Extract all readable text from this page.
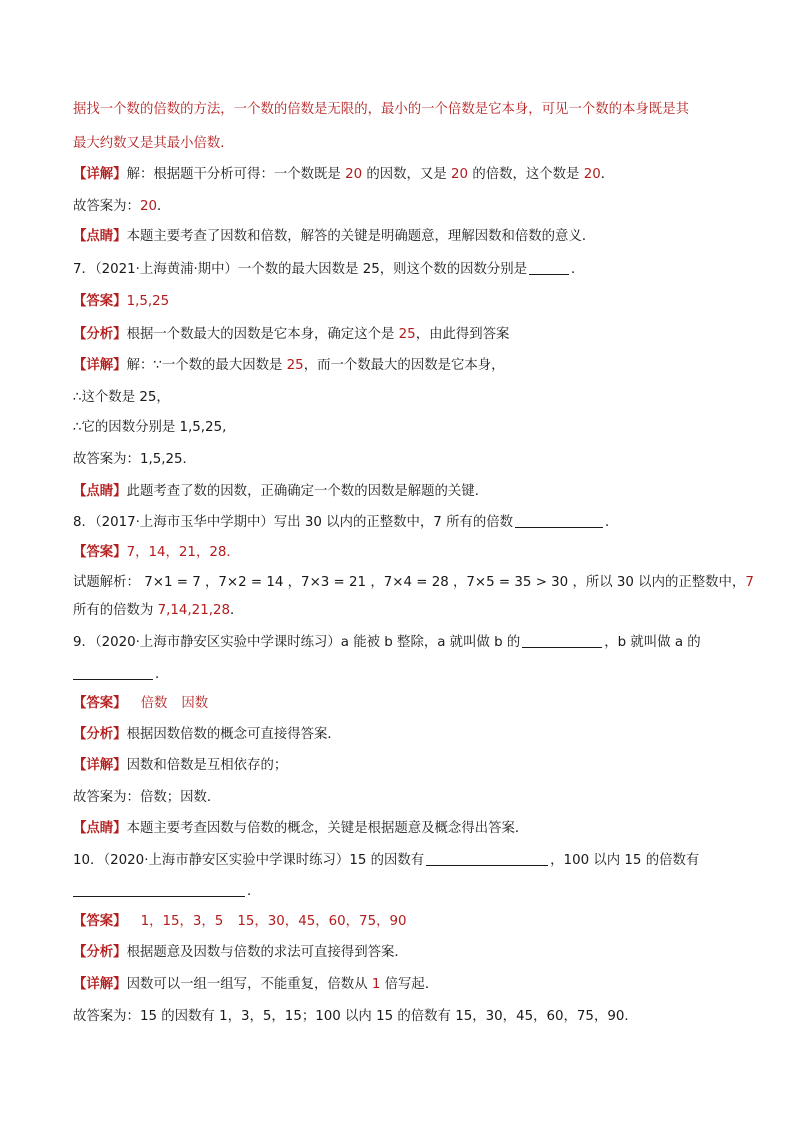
据找一个数的倍数的方法，一个数的倍数是无限的，最小的一个倍数是它本身，可见一个数的本身既是其
最大约数又是其最小倍数．
【详解】解：根据题干分析可得：一个数既是 20 的因数，又是 20 的倍数，这个数是 20．
故答案为：20．
【点睛】本题主要考查了因数和倍数，解答的关键是明确题意，理解因数和倍数的意义．
7．（2021·上海黄浦·期中）一个数的最大因数是 25，则这个数的因数分别是	．
【答案】1,5,25
【分析】根据一个数最大的因数是它本身，确定这个是 25，由此得到答案
【详解】解：∵一个数的最大因数是 25，而一个数最大的因数是它本身，
∴这个数是 25，
∴它的因数分别是 1,5,25,
故答案为：1,5,25．
【点睛】此题考查了数的因数，正确确定一个数的因数是解题的关键．
8．（2017·上海市玉华中学期中）写出 30 以内的正整数中，7 所有的倍数	．
【答案】7，14，21，28．
试题解析： 7×1 = 7 ，7×2 = 14 ，7×3 = 21 ，7×4 = 28 ，7×5 = 35 > 30 ，所以 30 以内的正整数中，7
所有的倍数为 7,14,21,28．
9．（2020·上海市静安区实验中学课时练习）a 能被 b 整除，a 就叫做 b 的	，b 就叫做 a 的
．
【答案】 倍数 因数
【分析】根据因数倍数的概念可直接得答案．
【详解】因数和倍数是互相依存的；
故答案为：倍数；因数．
【点睛】本题主要考查因数与倍数的概念，关键是根据题意及概念得出答案．
10．（2020·上海市静安区实验中学课时练习）15 的因数有	，100 以内 15 的倍数有
．
【答案】 1，15，3，5 15，30，45，60，75，90
【分析】根据题意及因数与倍数的求法可直接得到答案．
【详解】因数可以一组一组写，不能重复，倍数从 1 倍写起．
故答案为：15 的因数有 1，3，5，15；100 以内 15 的倍数有 15，30，45，60，75，90．
